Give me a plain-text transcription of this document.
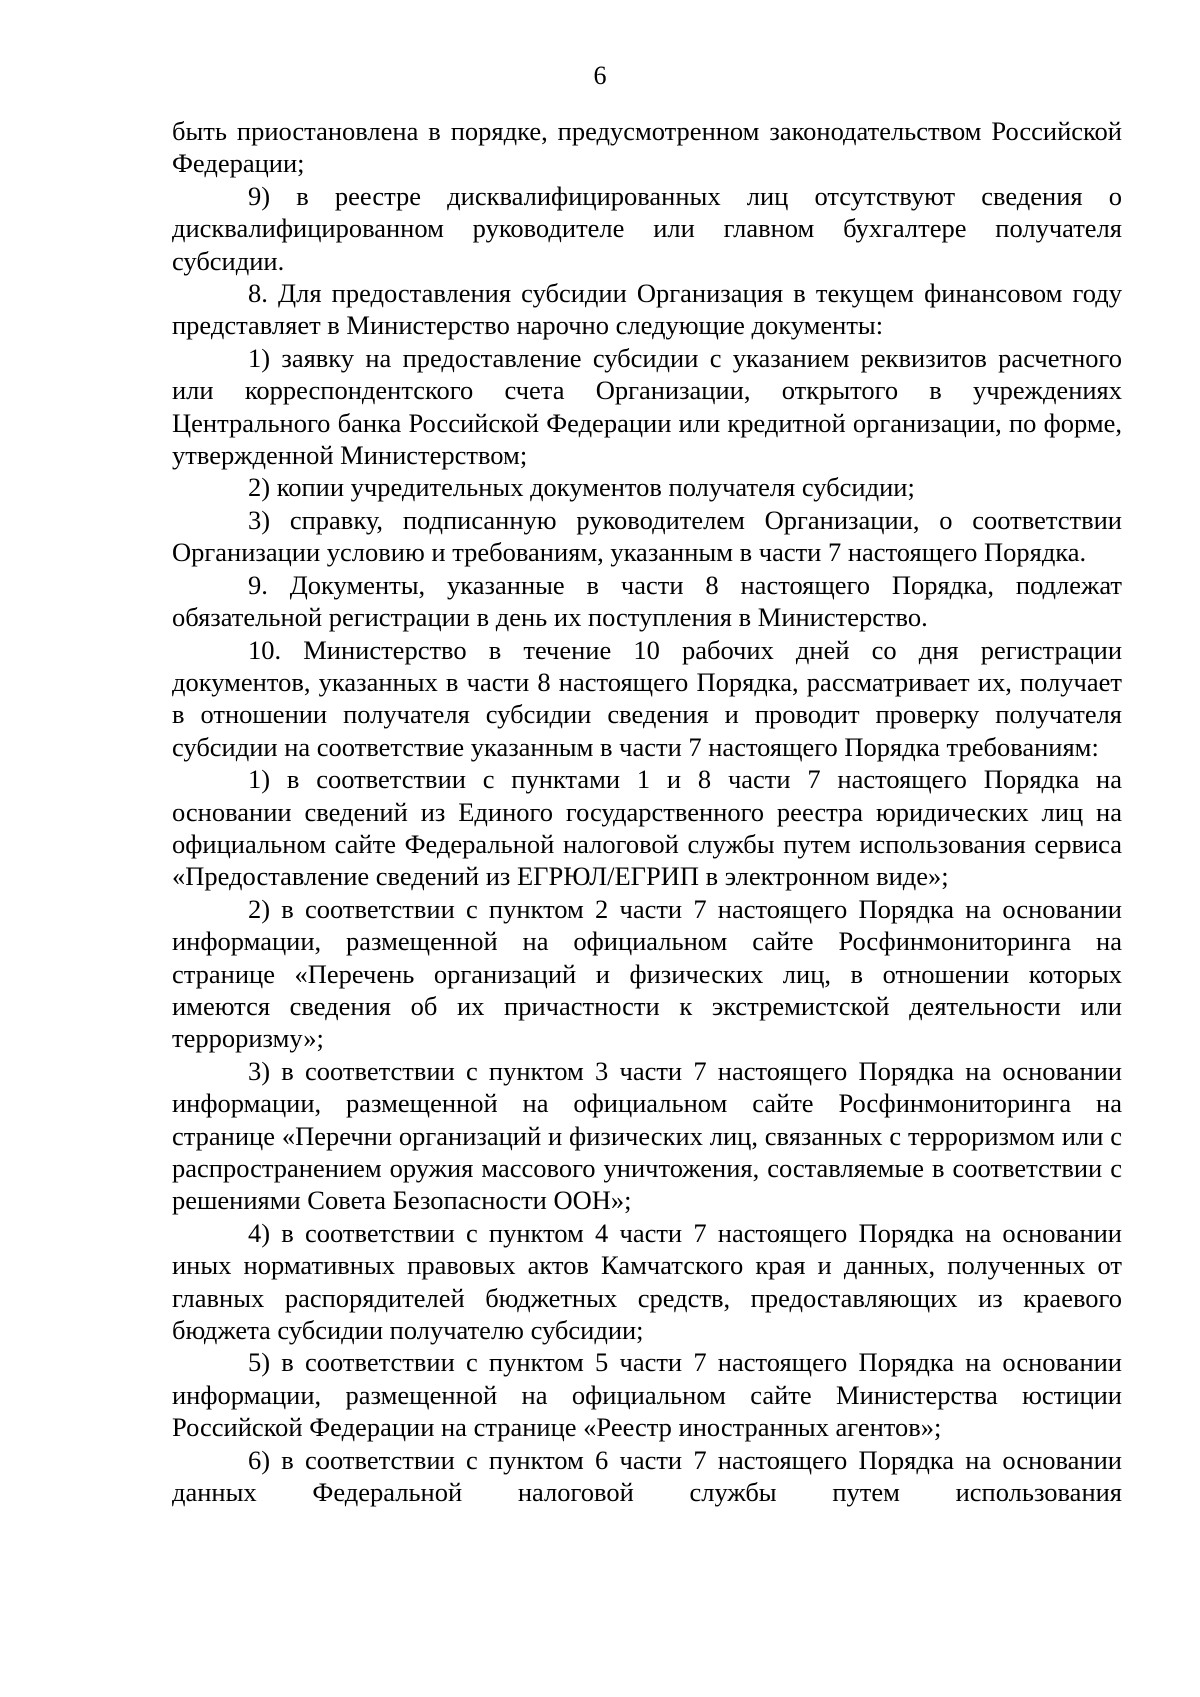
6

быть приостановлена в порядке, предусмотренном законодательством Российской Федерации;

9) в реестре дисквалифицированных лиц отсутствуют сведения о дисквалифицированном руководителе или главном бухгалтере получателя субсидии.

8. Для предоставления субсидии Организация в текущем финансовом году представляет в Министерство нарочно следующие документы:

1) заявку на предоставление субсидии с указанием реквизитов расчетного или корреспондентского счета Организации, открытого в учреждениях Центрального банка Российской Федерации или кредитной организации, по форме, утвержденной Министерством;

2) копии учредительных документов получателя субсидии;

3) справку, подписанную руководителем Организации, о соответствии Организации условию и требованиям, указанным в части 7 настоящего Порядка.

9. Документы, указанные в части 8 настоящего Порядка, подлежат обязательной регистрации в день их поступления в Министерство.

10. Министерство в течение 10 рабочих дней со дня регистрации документов, указанных в части 8 настоящего Порядка, рассматривает их, получает в отношении получателя субсидии сведения и проводит проверку получателя субсидии на соответствие указанным в части 7 настоящего Порядка требованиям:

1) в соответствии с пунктами 1 и 8 части 7 настоящего Порядка на основании сведений из Единого государственного реестра юридических лиц на официальном сайте Федеральной налоговой службы путем использования сервиса «Предоставление сведений из ЕГРЮЛ/ЕГРИП в электронном виде»;

2) в соответствии с пунктом 2 части 7 настоящего Порядка на основании информации, размещенной на официальном сайте Росфинмониторинга на странице «Перечень организаций и физических лиц, в отношении которых имеются сведения об их причастности к экстремистской деятельности или терроризму»;

3) в соответствии с пунктом 3 части 7 настоящего Порядка на основании информации, размещенной на официальном сайте Росфинмониторинга на странице «Перечни организаций и физических лиц, связанных с терроризмом или с распространением оружия массового уничтожения, составляемые в соответствии с решениями Совета Безопасности ООН»;

4) в соответствии с пунктом 4 части 7 настоящего Порядка на основании иных нормативных правовых актов Камчатского края и данных, полученных от главных распорядителей бюджетных средств, предоставляющих из краевого бюджета субсидии получателю субсидии;

5) в соответствии с пунктом 5 части 7 настоящего Порядка на основании информации, размещенной на официальном сайте Министерства юстиции Российской Федерации на странице «Реестр иностранных агентов»;

6) в соответствии с пунктом 6 части 7 настоящего Порядка на основании данных Федеральной налоговой службы путем использования
